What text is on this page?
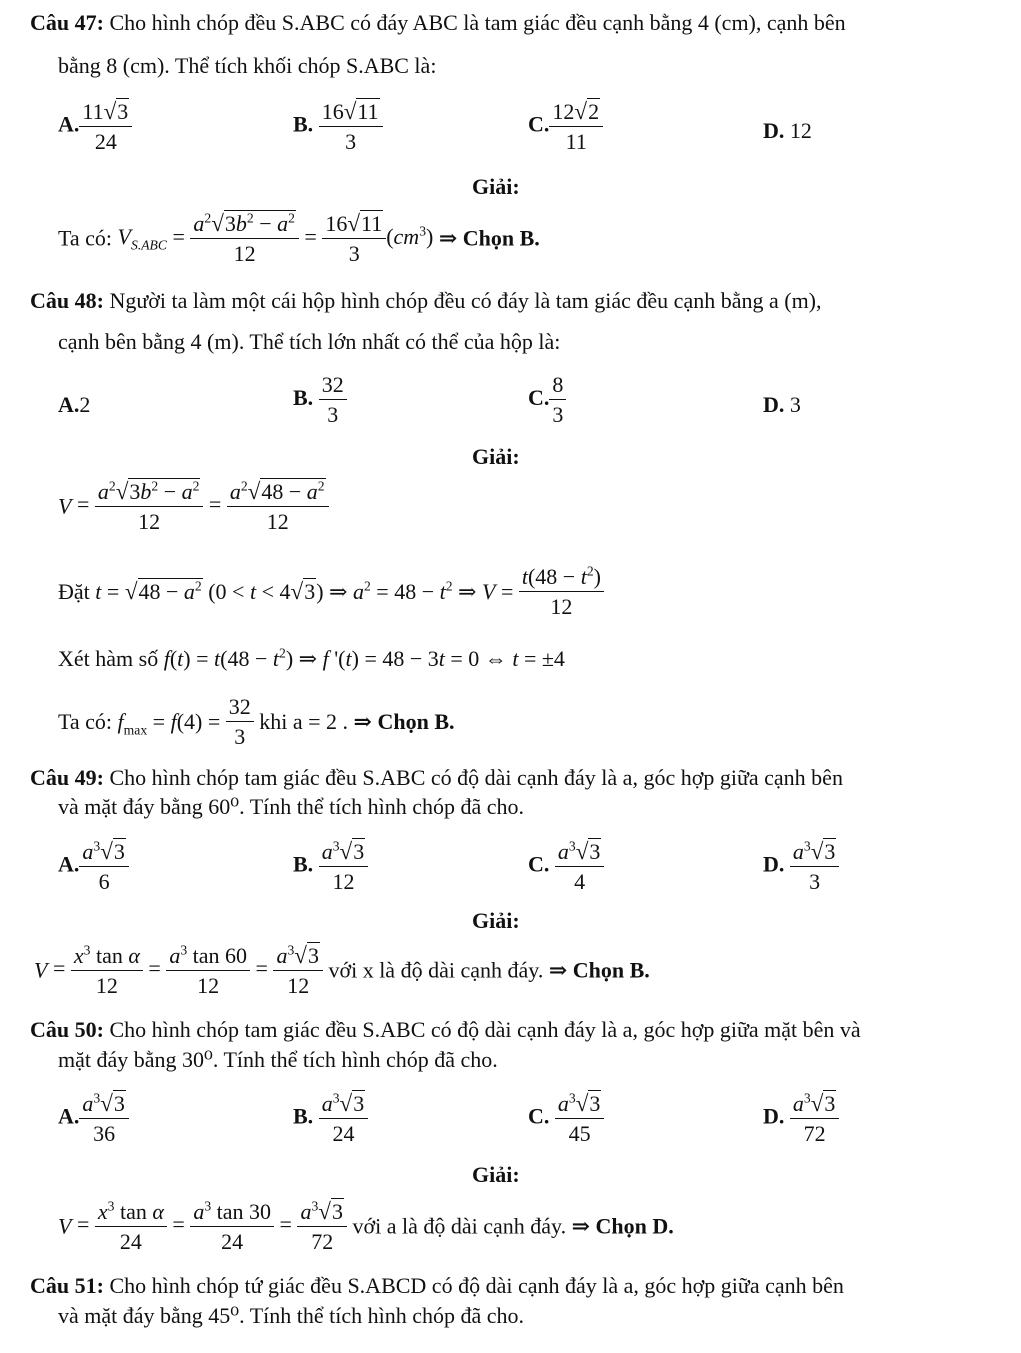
Câu 47: Cho hình chóp đều S.ABC có đáy ABC là tam giác đều cạnh bằng 4 (cm), cạnh bên
bằng 8 (cm). Thể tích khối chóp S.ABC là:
A. $\frac{11√3}{24}$	B. $\frac{16√11}{3}$	C. $\frac{12√2}{11}$	D. 12
Giải:
Ta có: $V_{S.ABC} = \frac{a^2√3b^2 - a^2}{12} = \frac{16√11}{3} (cm^3)$ ⇒ Chọn B.
Câu 48: Người ta làm một cái hộp hình chóp đều có đáy là tam giác đều cạnh bằng a (m),
cạnh bên bằng 4 (m). Thể tích lớn nhất có thể của hộp là:
A.2	B. $\frac{32}{3}$	C. $\frac{8}{3}$	D. 3
Giải:
$V = \frac{a^2√3b^2 - a^2}{12} = \frac{a^2√48 - a^2}{12}$
Đặt $t = √48 - a^2$ (0 < t < 4√3) ⇒ $a^2 = 48 - t^2$ ⇒ $V = \frac{t(48 - t^2)}{12}$
Xét hàm số $f(t) = t(48 - t^2)$ ⇒ f '(t) = 48 − 3t = 0 ⇔ t = ±4
Ta có: $f_{max} = f(4) = \frac{32}{3}$ khi a = 2 . ⇒ Chọn B.
Câu 49: Cho hình chóp tam giác đều S.ABC có độ dài cạnh đáy là a, góc hợp giữa cạnh bên
và mặt đáy bằng 60⁰. Tính thể tích hình chóp đã cho.
A. $\frac{a^3√3}{6}$	B. $\frac{a^3√3}{12}$	C. $\frac{a^3√3}{4}$	D. $\frac{a^3√3}{3}$
Giải:
$V = \frac{x^3 \tan \alpha}{12} = \frac{a^3 \tan 60}{12} = \frac{a^3√3}{12}$ với x là độ dài cạnh đáy. ⇒ Chọn B.
Câu 50: Cho hình chóp tam giác đều S.ABC có độ dài cạnh đáy là a, góc hợp giữa mặt bên và
mặt đáy bằng 30⁰. Tính thể tích hình chóp đã cho.
A. $\frac{a^3√3}{36}$	B. $\frac{a^3√3}{24}$	C. $\frac{a^3√3}{45}$	D. $\frac{a^3√3}{72}$
Giải:
$V = \frac{x^3 \tan \alpha}{24} = \frac{a^3 \tan 30}{24} = \frac{a^3√3}{72}$ với a là độ dài cạnh đáy. ⇒ Chọn D.
Câu 51: Cho hình chóp tứ giác đều S.ABCD có độ dài cạnh đáy là a, góc hợp giữa cạnh bên
và mặt đáy bằng 45⁰. Tính thể tích hình chóp đã cho.
